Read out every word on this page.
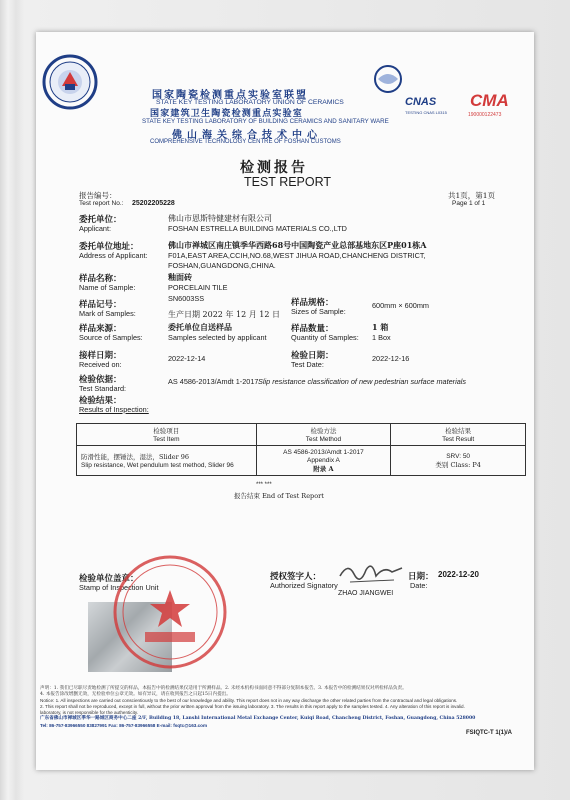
国家陶瓷检测重点实验室联盟
STATE KEY TESTING LABORATORY UNION OF CERAMICS
国家建筑卫生陶瓷检测重点实验室
STATE KEY TESTING LABORATORY OF BUILDING CERAMICS AND SANITARY WARE
佛山海关综合技术中心
COMPREHENSIVE TECHNOLOGY CENTRE OF FOSHAN CUSTOMS
CNAS
TESTING CNAS L0315
CMA
190000122473
检测报告
TEST REPORT
报告编号：
Test report No.: 25202205228
共1页，第1页
Page 1 of 1
委托单位：
Applicant:
佛山市恩斯特健建材有限公司
FOSHAN ESTRELLA BUILDING MATERIALS CO.,LTD
委托单位地址：
Address of Applicant:
佛山市禅城区南庄镇季华西路68号中国陶瓷产业总部基地东区P座01栋A
F01A,EAST AREA,CCIH,NO.68,WEST JIHUA ROAD,CHANCHENG DISTRICT,
FOSHAN,GUANGDONG,CHINA.
样品名称：
Name of Sample:
釉面砖
PORCELAIN TILE
样品记号：
Mark of Samples:
SN6003SS
生产日期 2022 年 12 月 12 日
样品规格：
Sizes of Sample:
600mm × 600mm
样品来源：
Source of Samples:
委托单位自送样品
Samples selected by applicant
样品数量：
Quantity of Samples:
1 箱
1 Box
接样日期：
Received on:
2022-12-14	检验日期：
Test Date:
2022-12-16
检验依据：
Test Standard:
AS 4586-2013/Amdt 1-2017 Slip resistance classification of new pedestrian surface materials
检验结果：
Results of Inspection:
检验项目
Test Item	检验方法
Test Method	检验结果
Test Result
防滑性能，摆锤法，湿法，Slider 96
Slip resistance, Wet pendulum test method, Slider 96	AS 4586-2013/Amdt 1-2017
Appendix A
附录 A	SRV: 50
类别 Class: P4
*** ***
报告结束 End of Test Report
检验单位盖章：
Stamp of Inspection Unit
授权签字人：
Authorized Signatory
ZHAO JIANGWEI
日期：
Date:
2022-12-20
声明：1. 我们已尽职尽责地检测了所提交的样品，本报告中的检测结果仅适用于所测样品。2. 未经本机构书面同意不得部分复制本报告。3. 本报告中的检测结果仅对所检样品负责。
4. 本报告涂改增删无效，无检验单位公章无效。如有异议，请在收到报告之日起15日内提出。
Notice: 1. All inspections are carried out conscientiously to the best of our knowledge and ability. This report does not in any way discharge the other related parties from the contractual and legal obligations.
2. This report shall not be reproduced, except in full, without the prior written approval from the issuing laboratory. 3. The results in this report apply to the samples tested. 4. Any alteration of this report is invalid.
laboratory, is not responsible for the authenticity.
广东省佛山市禅城区季华一路城区商务中心二座 2/F, Building 18, Lanshi International Metal Exchange Center, Kuiqi Road, Chancheng District, Foshan, Guangdong, China 528000
Tel: 86-757-83966550 83827991 Fax: 86-757-83966558 E-mail: fsqtc@163.com
FSIQTC-T 1(1)/A
